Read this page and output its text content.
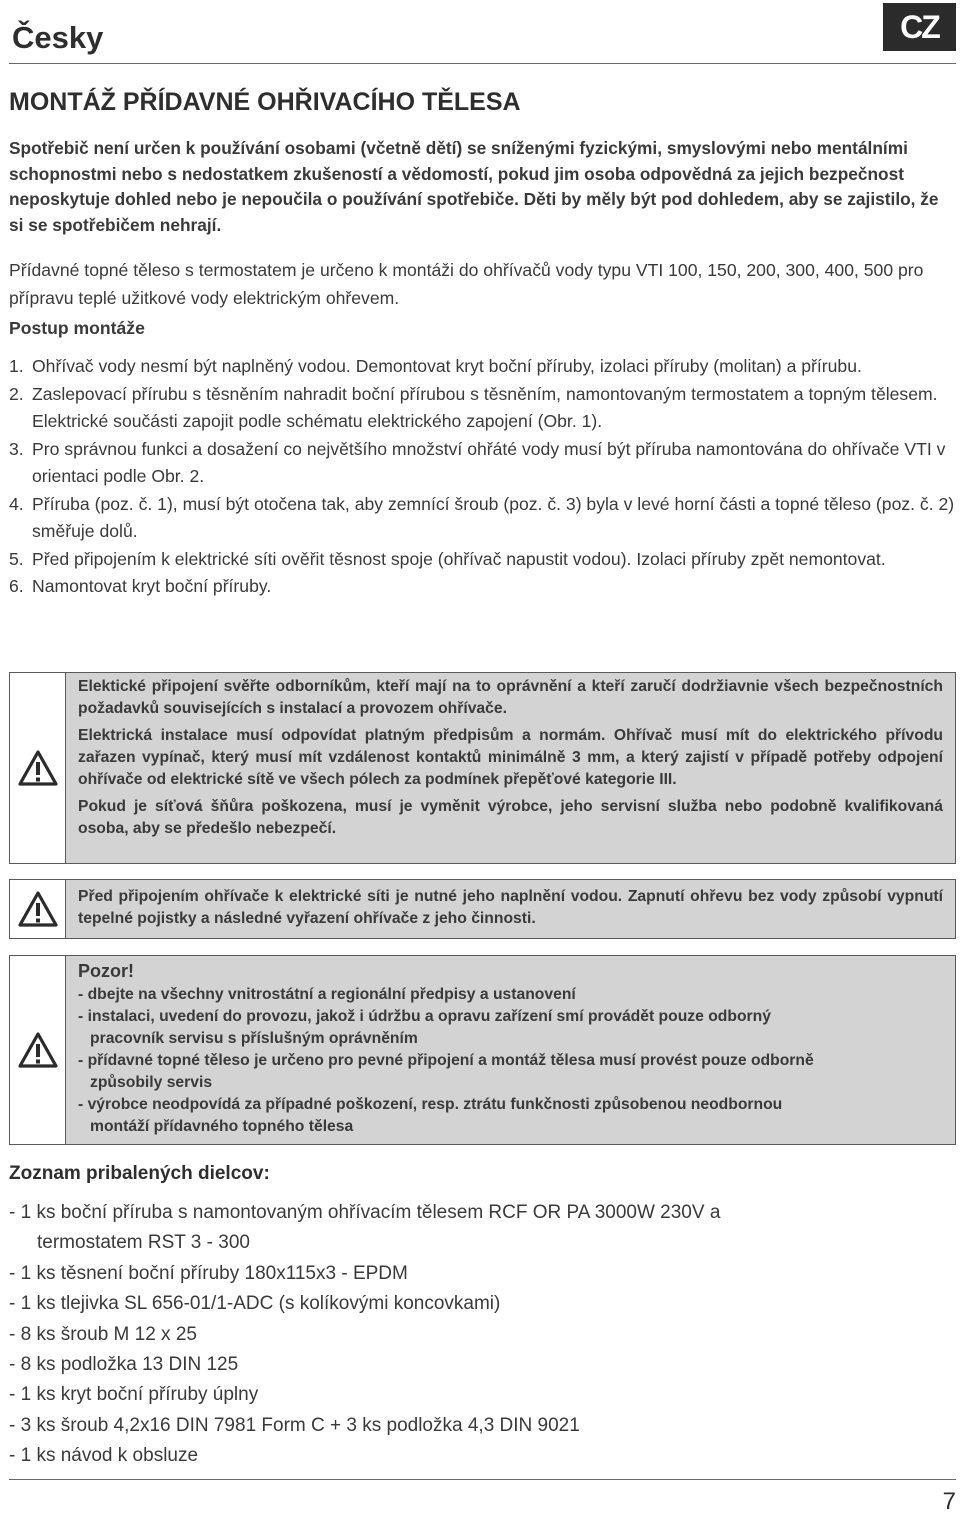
Česky	CZ
MONTÁŽ PŘÍDAVNÉ OHŘIVACÍHO TĚLESA

Spotřebič není určen k používání osobami (včetně dětí) se sníženými fyzickými, smyslovými nebo mentálními schopnostmi nebo s nedostatkem zkušeností a vědomostí, pokud jim osoba odpovědná za jejich bezpečnost neposkytuje dohled nebo je nepoučila o používání spotřebiče. Děti by měly být pod dohledem, aby se zajistilo, že si se spotřebičem nehrají.

Přídavné topné těleso s termostatem je určeno k montáži do ohřívačů vody typu VTI 100, 150, 200, 300, 400, 500 pro přípravu teplé užitkové vody elektrickým ohřevem.

Postup montáže
1. Ohřívač vody nesmí být naplněný vodou. Demontovat kryt boční příruby, izolaci příruby (molitan) a přírubu.
2. Zaslepovací přírubu s těsněním nahradit boční přírubou s těsněním, namontovaným termostatem a topným tělesem. Elektrické součásti zapojit podle schématu elektrického zapojení (Obr. 1).
3. Pro správnou funkci a dosažení co největšího množství ohřáté vody musí být příruba namontována do ohřívače VTI v orientaci podle Obr. 2.
4. Příruba (poz. č. 1), musí být otočena tak, aby zemnící šroub (poz. č. 3) byla v levé horní části a topné těleso (poz. č. 2) směřuje dolů.
5. Před připojením k elektrické síti ověřit těsnost spoje (ohřívač napustit vodou). Izolaci příruby zpět nemontovat.
6. Namontovat kryt boční příruby.

Elektické připojení svěřte odborníkům, kteří mají na to oprávnění a kteří zaručí dodržiavnie všech bezpečnostních požadavků souvisejících s instalací a provozem ohřívače.

Elektrická instalace musí odpovídat platným předpisům a normám. Ohřívač musí mít do elektrického přívodu zařazen vypínač, který musí mít vzdálenost kontaktů minimálně 3 mm, a který zajistí v případě potřeby odpojení ohřívače od elektrické sítě ve všech pólech za podmínek přepěťové kategorie III.

Pokud je síťová šňůra poškozena, musí je vyměnit výrobce, jeho servisní služba nebo podobně kvalifikovaná osoba, aby se předešlo nebezpečí.

Před připojením ohřívače k elektrické síti je nutné jeho naplnění vodou. Zapnutí ohřevu bez vody způsobí vypnutí tepelné pojistky a následné vyřazení ohřívače z jeho činnosti.

Pozor!
- dbejte na všechny vnitrostátní a regionální předpisy a ustanovení
- instalaci, uvedení do provozu, jakož i údržbu a opravu zařízení smí provádět pouze odborný
pracovník servisu s příslušným oprávněním
- přídavné topné těleso je určeno pro pevné připojení a montáž tělesa musí provést pouze odborně
způsobily servis
- výrobce neodpovídá za případné poškození, resp. ztrátu funkčnosti způsobenou neodbornou
montáží přídavného topného tělesa
Zoznam pribalených dielcov:
- 1 ks boční příruba s namontovaným ohřívacím tělesem RCF OR PA 3000W 230V a
termostatem RST 3 - 300
- 1 ks těsnení boční příruby 180x115x3 - EPDM
- 1 ks tlejivka SL 656-01/1-ADC (s kolíkovými koncovkami)
- 8 ks šroub M 12 x 25
- 8 ks podložka 13 DIN 125
- 1 ks kryt boční příruby úplny
- 3 ks šroub 4,2x16 DIN 7981 Form C + 3 ks podložka 4,3 DIN 9021
- 1 ks návod k obsluze
7
